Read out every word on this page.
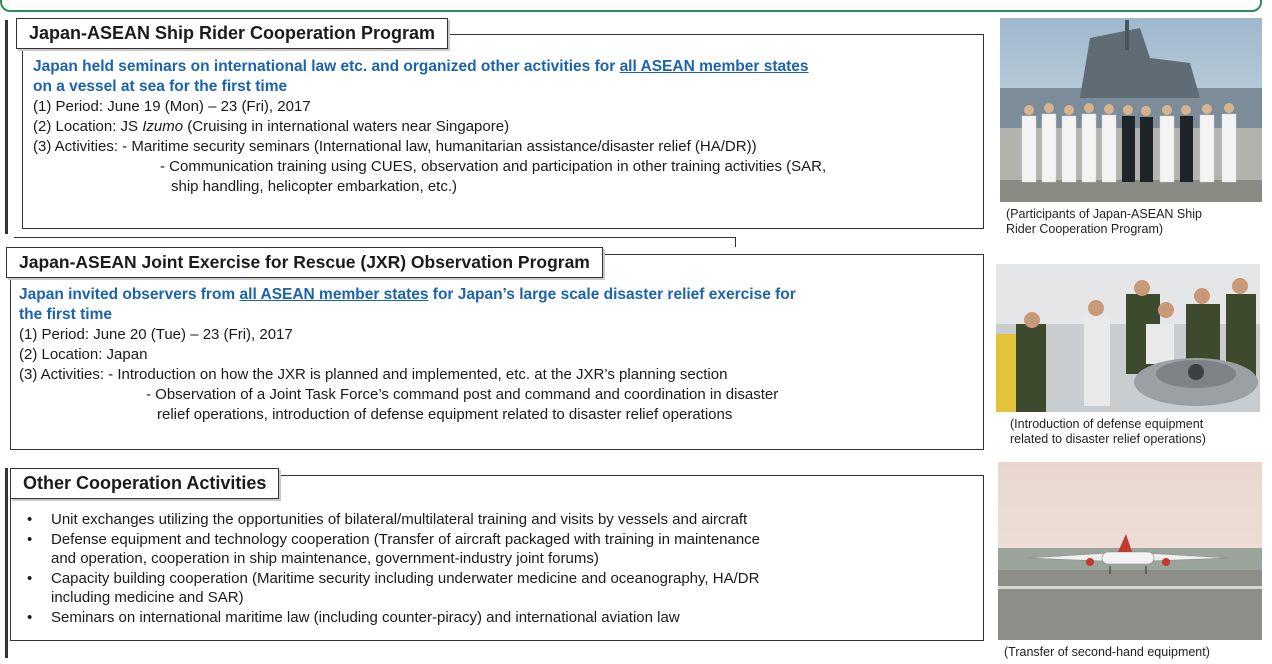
Japan held seminars on international law etc. and organized other activities for all ASEAN member states
on a vessel at sea for the first time
(1) Period: June 19 (Mon) – 23 (Fri), 2017
(2) Location: JS Izumo (Cruising in international waters near Singapore)
(3) Activities: - Maritime security seminars (International law, humanitarian assistance/disaster relief (HA/DR))
- Communication training using CUES, observation and participation in other training activities (SAR,
ship handling, helicopter embarkation, etc.)
Japan-ASEAN Ship Rider Cooperation Program
Japan invited observers from all ASEAN member states for Japan’s large scale disaster relief exercise for
the first time
(1) Period: June 20 (Tue) – 23 (Fri), 2017
(2) Location: Japan
(3) Activities: - Introduction on how the JXR is planned and implemented, etc. at the JXR’s planning section
- Observation of a Joint Task Force’s command post and command and coordination in disaster
relief operations, introduction of defense equipment related to disaster relief operations
Japan-ASEAN Joint Exercise for Rescue (JXR) Observation Program
• Unit exchanges utilizing the opportunities of bilateral/multilateral training and visits by vessels and aircraft
• Defense equipment and technology cooperation (Transfer of aircraft packaged with training in maintenance
and operation, cooperation in ship maintenance, government-industry joint forums)
• Capacity building cooperation (Maritime security including underwater medicine and oceanography, HA/DR
including medicine and SAR)
• Seminars on international maritime law (including counter-piracy) and international aviation law
Other Cooperation Activities
(Participants of Japan-ASEAN Ship
Rider Cooperation Program)
(Introduction of defense equipment
related to disaster relief operations)
(Transfer of second-hand equipment)
